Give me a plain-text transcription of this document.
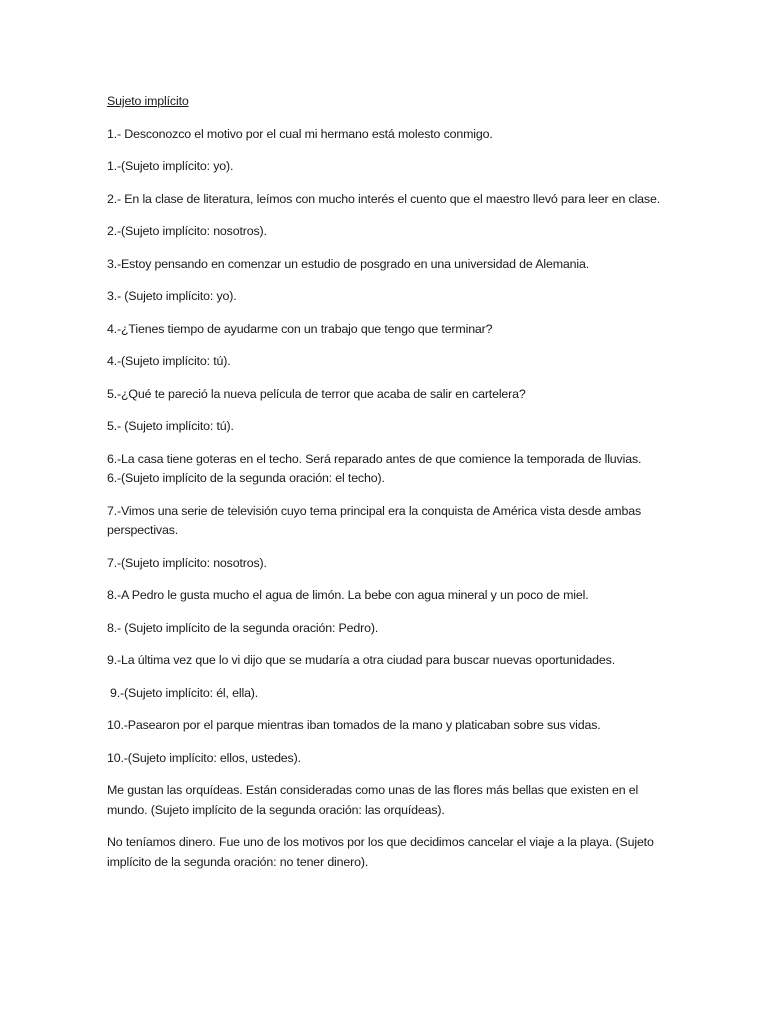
Sujeto implícito
1.- Desconozco el motivo por el cual mi hermano está molesto conmigo.
1.-(Sujeto implícito: yo).
2.- En la clase de literatura, leímos con mucho interés el cuento que el maestro llevó para leer en clase.
2.-(Sujeto implícito: nosotros).
3.-Estoy pensando en comenzar un estudio de posgrado en una universidad de Alemania.
3.- (Sujeto implícito: yo).
4.-¿Tienes tiempo de ayudarme con un trabajo que tengo que terminar?
4.-(Sujeto implícito: tú).
5.-¿Qué te pareció la nueva película de terror que acaba de salir en cartelera?
5.- (Sujeto implícito: tú).
6.-La casa tiene goteras en el techo. Será reparado antes de que comience la temporada de lluvias.
6.-(Sujeto implícito de la segunda oración: el techo).
7.-Vimos una serie de televisión cuyo tema principal era la conquista de América vista desde ambas perspectivas.
7.-(Sujeto implícito: nosotros).
8.-A Pedro le gusta mucho el agua de limón. La bebe con agua mineral y un poco de miel.
8.- (Sujeto implícito de la segunda oración: Pedro).
9.-La última vez que lo vi dijo que se mudaría a otra ciudad para buscar nuevas oportunidades.
9.-(Sujeto implícito: él, ella).
10.-Pasearon por el parque mientras iban tomados de la mano y platicaban sobre sus vidas.
10.-(Sujeto implícito: ellos, ustedes).
Me gustan las orquídeas. Están consideradas como unas de las flores más bellas que existen en el mundo. (Sujeto implícito de la segunda oración: las orquídeas).
No teníamos dinero. Fue uno de los motivos por los que decidimos cancelar el viaje a la playa. (Sujeto implícito de la segunda oración: no tener dinero).
